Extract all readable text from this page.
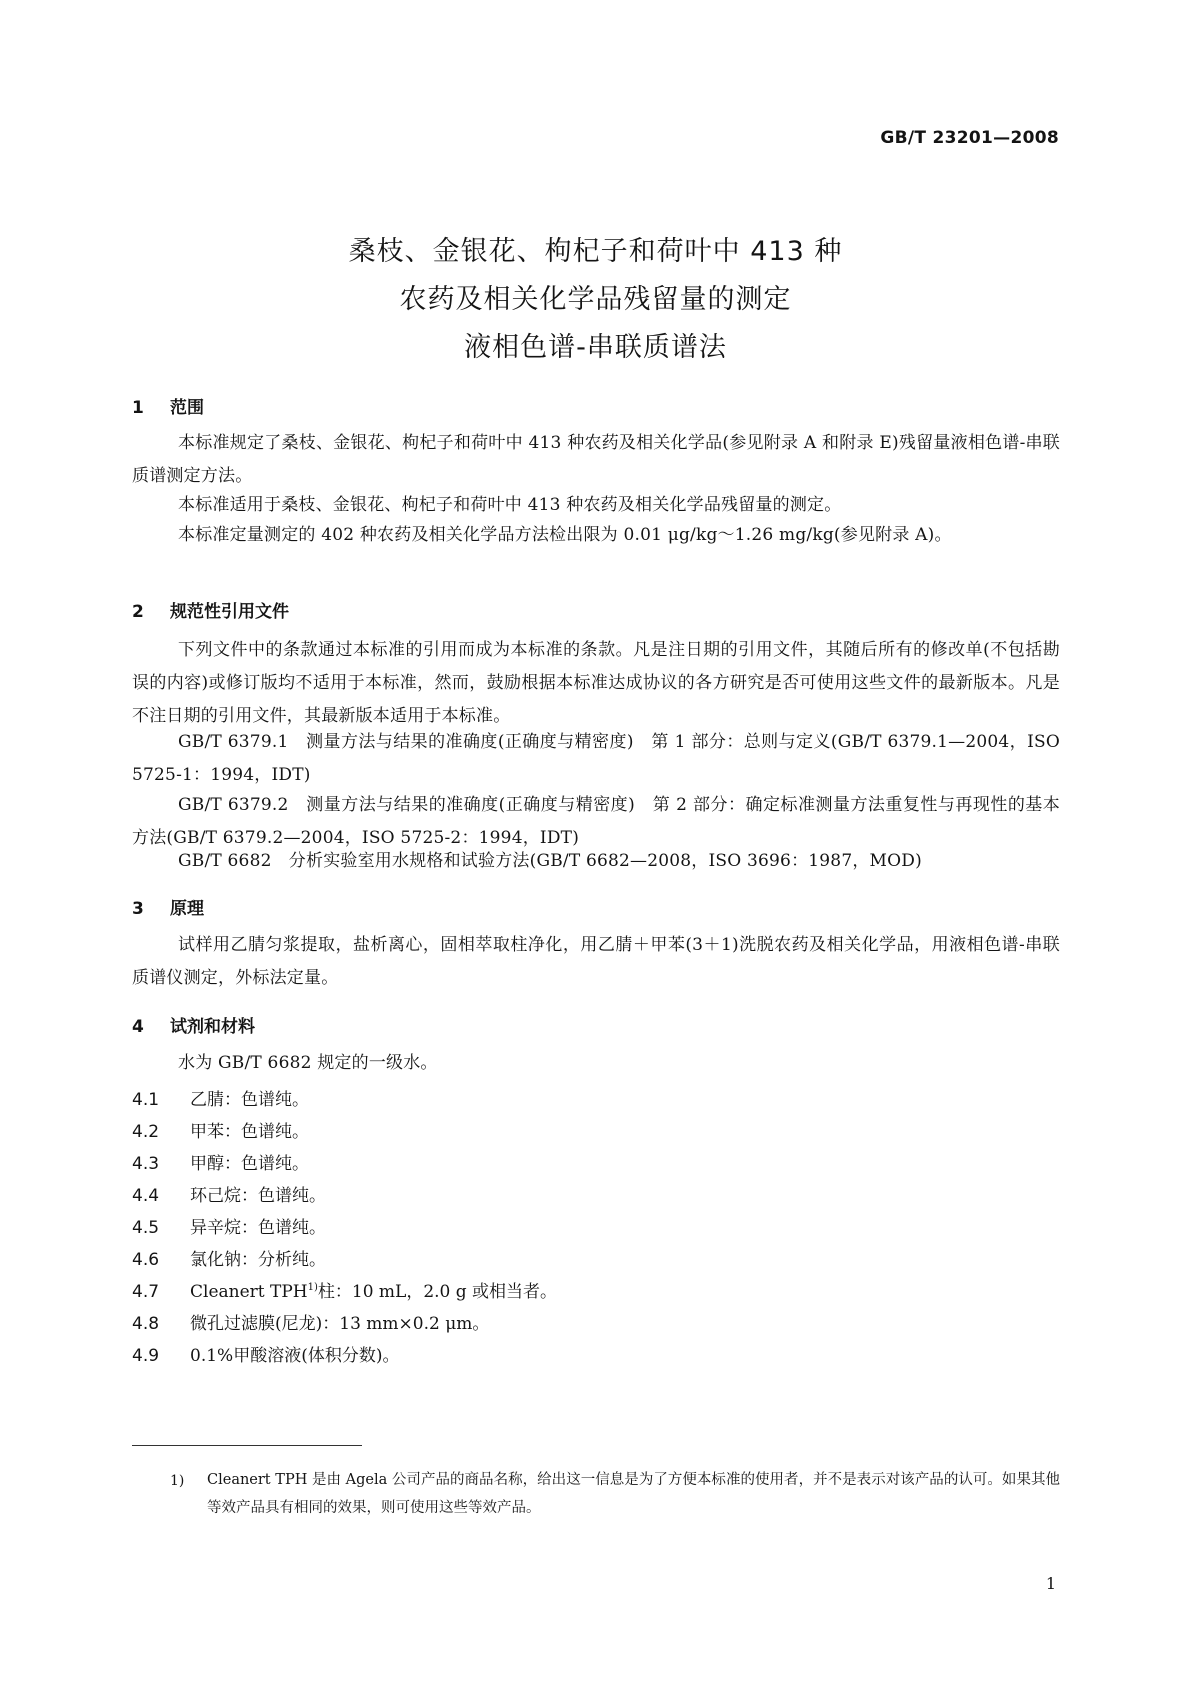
GB/T 23201—2008
桑枝、金银花、枸杞子和荷叶中 413 种
农药及相关化学品残留量的测定
液相色谱-串联质谱法
1 范围
本标准规定了桑枝、金银花、枸杞子和荷叶中 413 种农药及相关化学品(参见附录 A 和附录 E)残留量液相色谱-串联质谱测定方法。
本标准适用于桑枝、金银花、枸杞子和荷叶中 413 种农药及相关化学品残留量的测定。
本标准定量测定的 402 种农药及相关化学品方法检出限为 0.01 μg/kg～1.26 mg/kg(参见附录 A)。
2 规范性引用文件
下列文件中的条款通过本标准的引用而成为本标准的条款。凡是注日期的引用文件，其随后所有的修改单(不包括勘误的内容)或修订版均不适用于本标准，然而，鼓励根据本标准达成协议的各方研究是否可使用这些文件的最新版本。凡是不注日期的引用文件，其最新版本适用于本标准。
GB/T 6379.1　测量方法与结果的准确度(正确度与精密度)　第 1 部分：总则与定义(GB/T 6379.1—2004，ISO 5725-1：1994，IDT)
GB/T 6379.2　测量方法与结果的准确度(正确度与精密度)　第 2 部分：确定标准测量方法重复性与再现性的基本方法(GB/T 6379.2—2004，ISO 5725-2：1994，IDT)
GB/T 6682　分析实验室用水规格和试验方法(GB/T 6682—2008，ISO 3696：1987，MOD)
3 原理
试样用乙腈匀浆提取，盐析离心，固相萃取柱净化，用乙腈＋甲苯(3＋1)洗脱农药及相关化学品，用液相色谱-串联质谱仪测定，外标法定量。
4 试剂和材料
水为 GB/T 6682 规定的一级水。
4.1 乙腈：色谱纯。
4.2 甲苯：色谱纯。
4.3 甲醇：色谱纯。
4.4 环己烷：色谱纯。
4.5 异辛烷：色谱纯。
4.6 氯化钠：分析纯。
4.7 Cleanert TPH$^{1)}$柱：10 mL，2.0 g 或相当者。
4.8 微孔过滤膜(尼龙)：13 mm×0.2 μm。
4.9 0.1%甲酸溶液(体积分数)。
1) Cleanert TPH 是由 Agela 公司产品的商品名称，给出这一信息是为了方便本标准的使用者，并不是表示对该产品的认可。如果其他等效产品具有相同的效果，则可使用这些等效产品。
1
